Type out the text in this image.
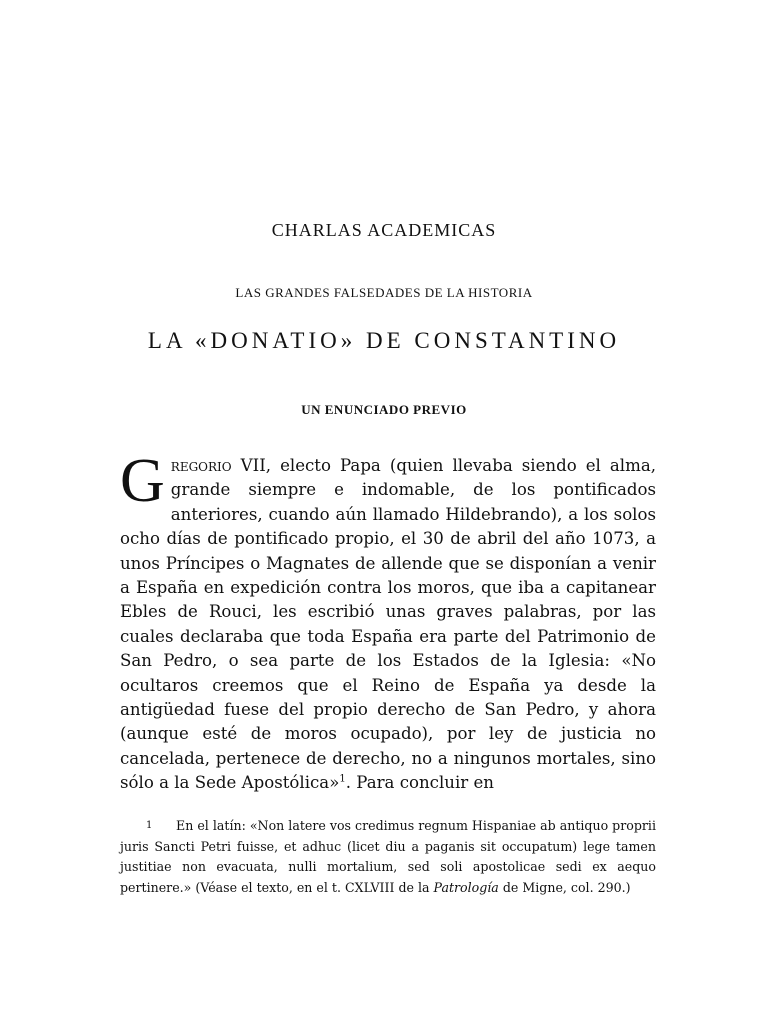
CHARLAS ACADEMICAS
LAS GRANDES FALSEDADES DE LA HISTORIA
LA «DONATIO» DE CONSTANTINO
UN ENUNCIADO PREVIO
Gregorio VII, electo Papa (quien llevaba siendo el alma, grande siempre e indomable, de los pontificados anteriores, cuando aún llamado Hildebrando), a los solos ocho días de pontificado propio, el 30 de abril del año 1073, a unos Príncipes o Magnates de allende que se disponían a venir a España en expedición contra los moros, que iba a capitanear Ebles de Rouci, les escribió unas graves palabras, por las cuales declaraba que toda España era parte del Patrimonio de San Pedro, o sea parte de los Estados de la Iglesia: «No ocultaros creemos que el Reino de España ya desde la antigüedad fuese del propio derecho de San Pedro, y ahora (aunque esté de moros ocupado), por ley de justicia no cancelada, pertenece de derecho, no a ningunos mortales, sino sólo a la Sede Apostólica»$^1$. Para concluir en
1 En el latín: «Non latere vos credimus regnum Hispaniae ab antiquo proprii juris Sancti Petri fuisse, et adhuc (licet diu a paganis sit occupatum) lege tamen justitiae non evacuata, nulli mortalium, sed soli apostolicae sedi ex aequo pertinere.» (Véase el texto, en el t. CXLVIII de la Patrología de Migne, col. 290.)
